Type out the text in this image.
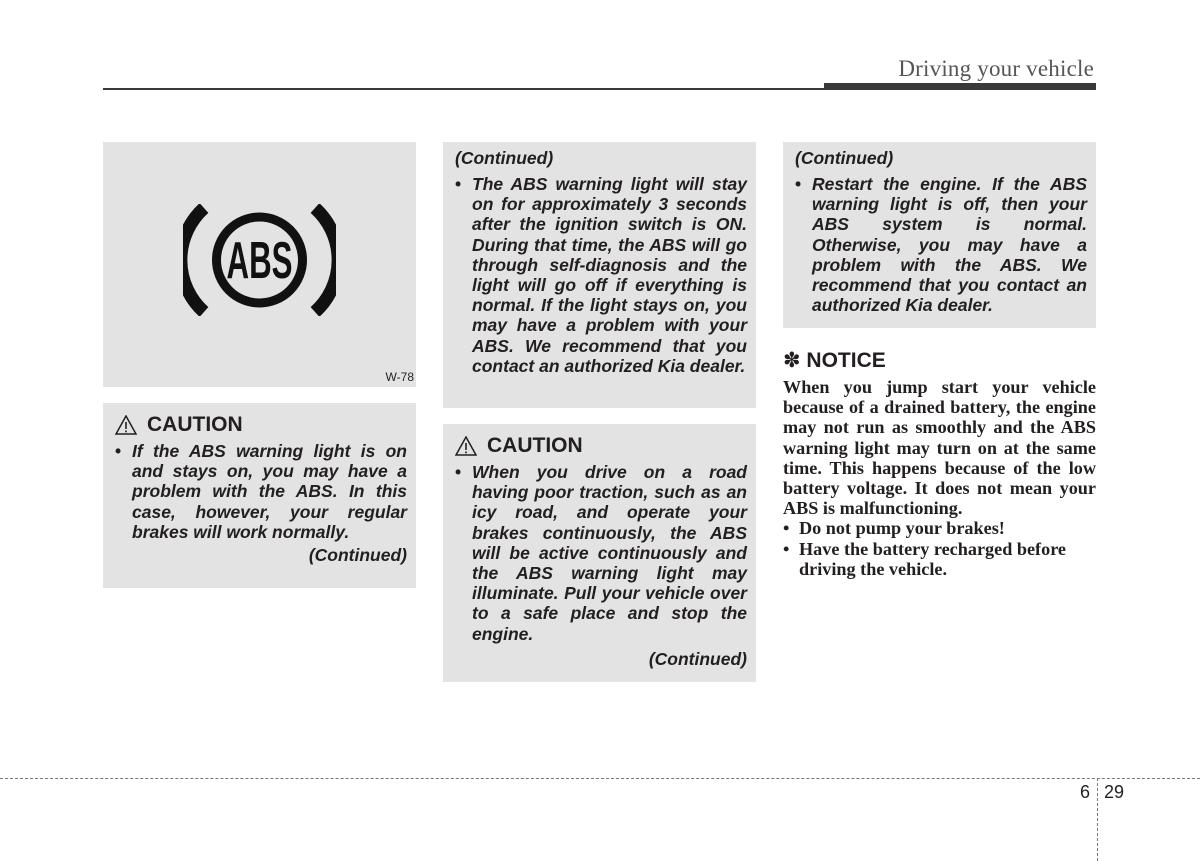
Driving your vehicle
ABS
W-78
CAUTION
• If the ABS warning light is on and stays on, you may have a problem with the ABS. In this case, however, your regular brakes will work normally.
(Continued)
(Continued)
• The ABS warning light will stay on for approximately 3 seconds after the ignition switch is ON. During that time, the ABS will go through self-diagnosis and the light will go off if everything is normal. If the light stays on, you may have a problem with your ABS. We recommend that you contact an authorized Kia dealer.
CAUTION
• When you drive on a road having poor traction, such as an icy road, and operate your brakes continuously, the ABS will be active continuously and the ABS warning light may illuminate. Pull your vehicle over to a safe place and stop the engine.
(Continued)
(Continued)
• Restart the engine. If the ABS warning light is off, then your ABS system is normal. Otherwise, you may have a problem with the ABS. We recommend that you contact an authorized Kia dealer.
✽ NOTICE
When you jump start your vehicle because of a drained battery, the engine may not run as smoothly and the ABS warning light may turn on at the same time. This happens because of the low battery voltage. It does not mean your ABS is malfunctioning.
• Do not pump your brakes!
• Have the battery recharged before driving the vehicle.
6 29
